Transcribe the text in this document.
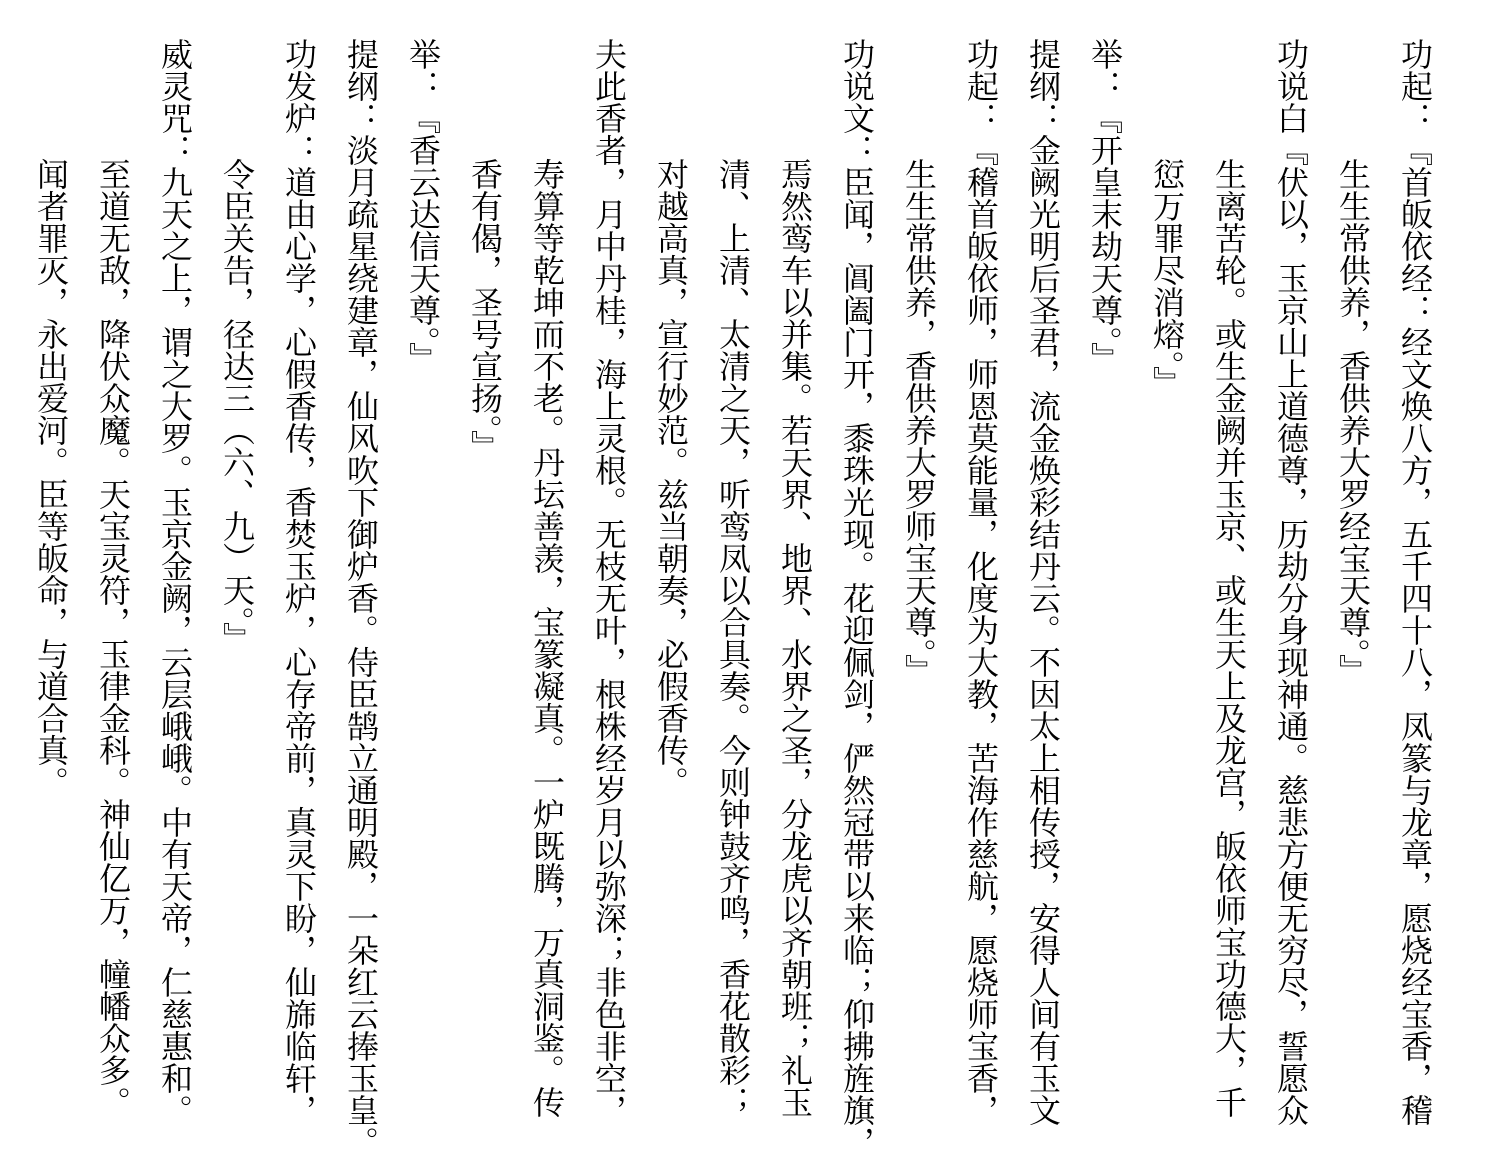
功起：『首皈依经：经文焕八方，五千四十八，凤篆与龙章，愿烧经宝香，稽
生生常供养，香供养大罗经宝天尊。』
功说白『伏以，玉京山上道德尊，历劫分身现神通。慈悲方便无穷尽，誓愿众
生离苦轮。或生金阙并玉京、或生天上及龙宫，皈依师宝功德大，千
愆万罪尽消熔。』
举：『开皇末劫天尊。』
提纲：金阙光明后圣君，流金焕彩结丹云。不因太上相传授，安得人间有玉文
功起：『稽首皈依师，师恩莫能量，化度为大教，苦海作慈航，愿烧师宝香，
生生常供养，香供养大罗师宝天尊。』
功说文：臣闻，阊阖门开，黍珠光现。花迎佩剑，俨然冠带以来临；仰拂旌旗，
焉然鸾车以并集。若天界、地界、水界之圣，分龙虎以齐朝班；礼玉
清、上清、太清之天，听鸾凤以合具奏。今则钟鼓齐鸣，香花散彩；
对越高真，宣行妙范。兹当朝奏，必假香传。
夫此香者，月中丹桂，海上灵根。无枝无叶，根株经岁月以弥深；非色非空，
寿算等乾坤而不老。丹坛善羡，宝篆凝真。一炉既腾，万真洞鉴。传
香有偈，圣号宣扬。』
举：『香云达信天尊。』
提纲：淡月疏星绕建章，仙风吹下御炉香。侍臣鹄立通明殿，一朵红云捧玉皇。
功发炉：道由心学，心假香传，香焚玉炉，心存帝前，真灵下盼，仙旆临轩，
令臣关告，径达三（六、九）天。』
威灵咒：九天之上，谓之大罗。玉京金阙，云层峨峨。中有天帝，仁慈惠和。
至道无敌，降伏众魔。天宝灵符，玉律金科。神仙亿万，幢幡众多。
闻者罪灭，永出爱河。臣等皈命，与道合真。
